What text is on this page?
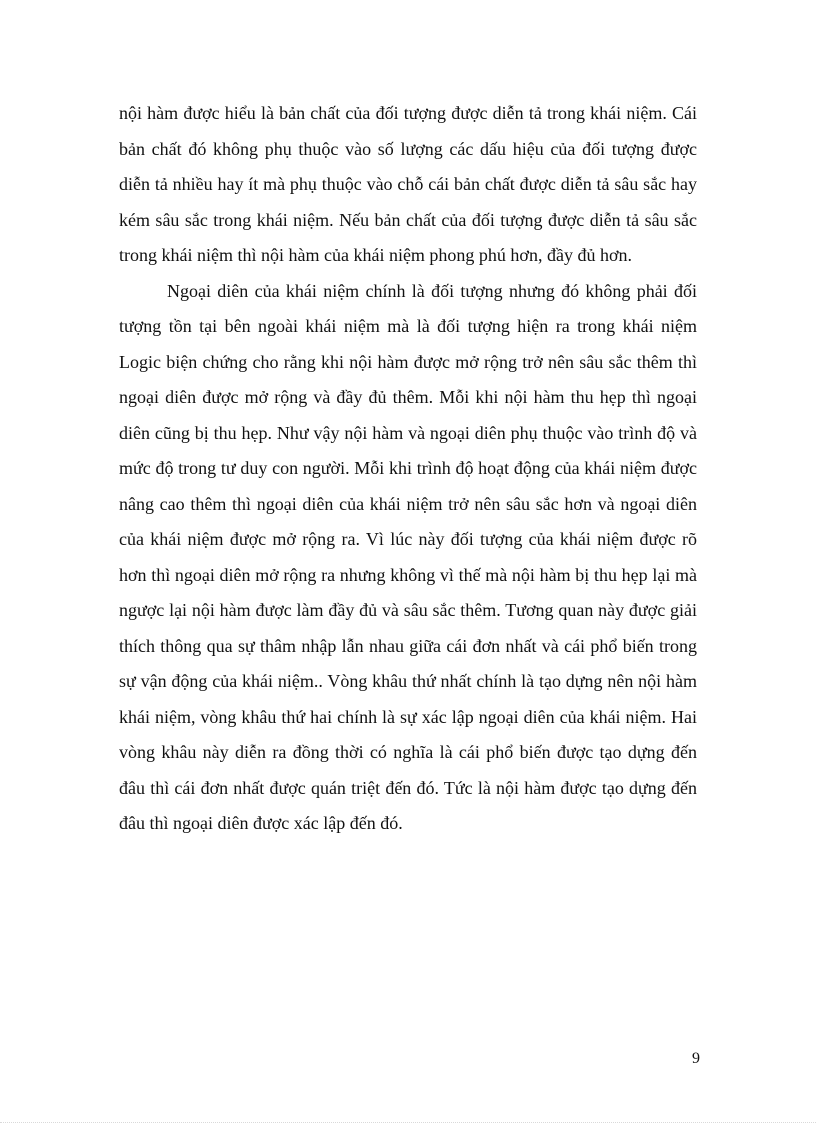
nội hàm được hiểu là bản chất của đối tượng được diễn tả trong khái niệm. Cái bản chất đó không phụ thuộc vào số lượng các dấu hiệu của đối tượng được diễn tả nhiều hay ít mà phụ thuộc vào chỗ cái bản chất được diễn tả sâu sắc hay kém sâu sắc trong khái niệm. Nếu bản chất của đối tượng được diễn tả sâu sắc trong khái niệm thì nội hàm của khái niệm phong phú hơn, đầy đủ hơn.

Ngoại diên của khái niệm chính là đối tượng nhưng đó không phải đối tượng tồn tại bên ngoài khái niệm mà là đối tượng hiện ra trong khái niệm Logic biện chứng cho rằng khi nội hàm được mở rộng trở nên sâu sắc thêm thì ngoại diên được mở rộng và đầy đủ thêm. Mỗi khi nội hàm thu hẹp thì ngoại diên cũng bị thu hẹp. Như vậy nội hàm và ngoại diên phụ thuộc vào trình độ và mức độ trong tư duy con người. Mỗi khi trình độ hoạt động của khái niệm được nâng cao thêm thì ngoại diên của khái niệm trở nên sâu sắc hơn và ngoại diên của khái niệm được mở rộng ra. Vì lúc này đối tượng của khái niệm được rõ hơn thì ngoại diên mở rộng ra nhưng không vì thế mà nội hàm bị thu hẹp lại mà ngược lại nội hàm được làm đầy đủ và sâu sắc thêm. Tương quan này được giải thích thông qua sự thâm nhập lẫn nhau giữa cái đơn nhất và cái phổ biến trong sự vận động của khái niệm.. Vòng khâu thứ nhất chính là tạo dựng nên nội hàm khái niệm, vòng khâu thứ hai chính là sự xác lập ngoại diên của khái niệm. Hai vòng khâu này diễn ra đồng thời có nghĩa là cái phổ biến được tạo dựng đến đâu thì cái đơn nhất được quán triệt đến đó. Tức là nội hàm được tạo dựng đến đâu thì ngoại diên được xác lập đến đó.

9
